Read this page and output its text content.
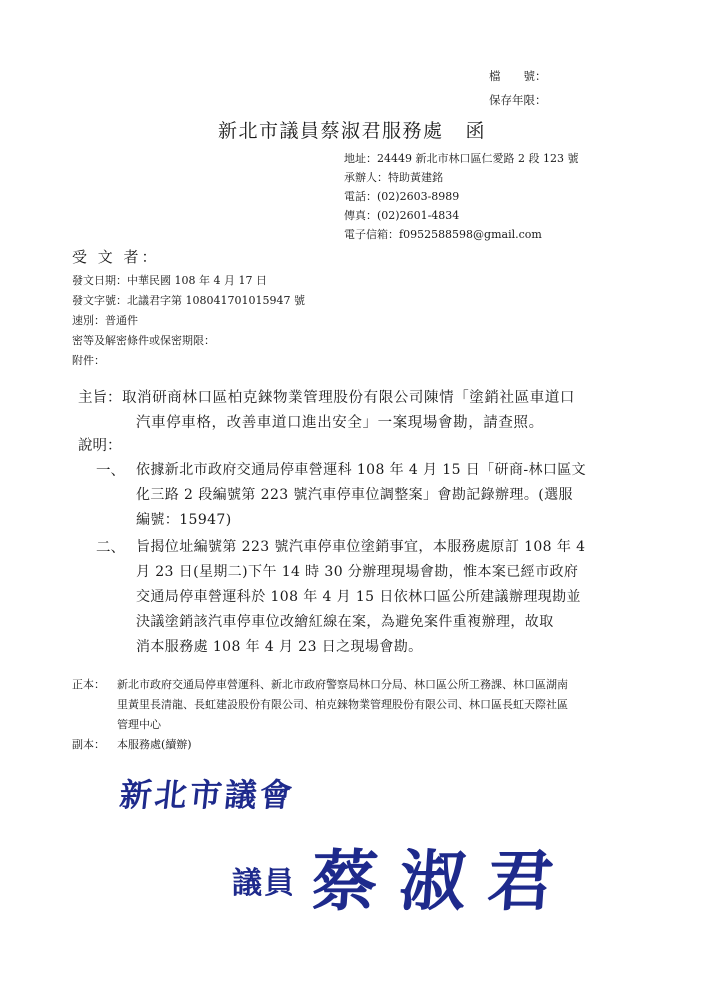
檔　　號：
保存年限：
新北市議員蔡淑君服務處 函
地址：24449 新北市林口區仁愛路 2 段 123 號
承辦人：特助黃建銘
電話：(02)2603-8989
傳真：(02)2601-4834
電子信箱：f0952588598@gmail.com
受 文 者：
發文日期：中華民國 108 年 4 月 17 日
發文字號：北議君字第 108041701015947 號
速別：普通件
密等及解密條件或保密期限：
附件：
主旨： 取消研商林口區柏克錸物業管理股份有限公司陳情「塗銷社區車道口
汽車停車格，改善車道口進出安全」一案現場會勘，請查照。
說明：
一、 依據新北市政府交通局停車營運科 108 年 4 月 15 日「研商-林口區文
化三路 2 段編號第 223 號汽車停車位調整案」會勘記錄辦理。(選服
編號：15947)
二、 旨揭位址編號第 223 號汽車停車位塗銷事宜，本服務處原訂 108 年 4
月 23 日(星期二)下午 14 時 30 分辦理現場會勘，惟本案已經市政府
交通局停車營運科於 108 年 4 月 15 日依林口區公所建議辦理現勘並
決議塗銷該汽車停車位改繪紅線在案，為避免案件重複辦理，故取
消本服務處 108 年 4 月 23 日之現場會勘。
正本： 新北市政府交通局停車營運科、新北市政府警察局林口分局、林口區公所工務課、林口區湖南
里黃里長清龍、長虹建設股份有限公司、柏克錸物業管理股份有限公司、林口區長虹天際社區
管理中心
副本： 本服務處(續辦)
新北市議會
議員 蔡淑君
